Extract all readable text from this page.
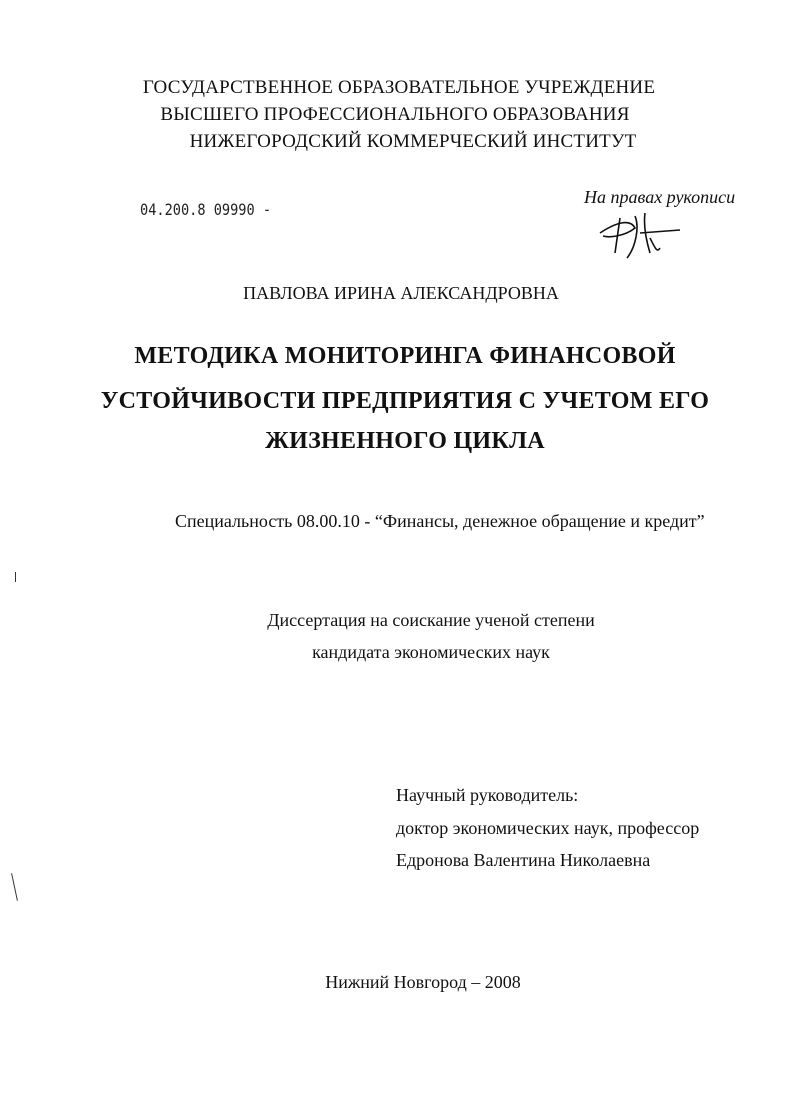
ГОСУДАРСТВЕННОЕ ОБРАЗОВАТЕЛЬНОЕ УЧРЕЖДЕНИЕ
ВЫСШЕГО ПРОФЕССИОНАЛЬНОГО ОБРАЗОВАНИЯ
НИЖЕГОРОДСКИЙ КОММЕРЧЕСКИЙ ИНСТИТУТ
04.200.8 09990 -
На правах рукописи
ПАВЛОВА ИРИНА АЛЕКСАНДРОВНА
МЕТОДИКА МОНИТОРИНГА ФИНАНСОВОЙ
УСТОЙЧИВОСТИ ПРЕДПРИЯТИЯ С УЧЕТОМ ЕГО
ЖИЗНЕННОГО ЦИКЛА
Специальность 08.00.10 - “Финансы, денежное обращение и кредит”
Диссертация на соискание ученой степени
кандидата экономических наук
Научный руководитель:
доктор экономических наук, профессор
Едронова Валентина Николаевна
Нижний Новгород – 2008
